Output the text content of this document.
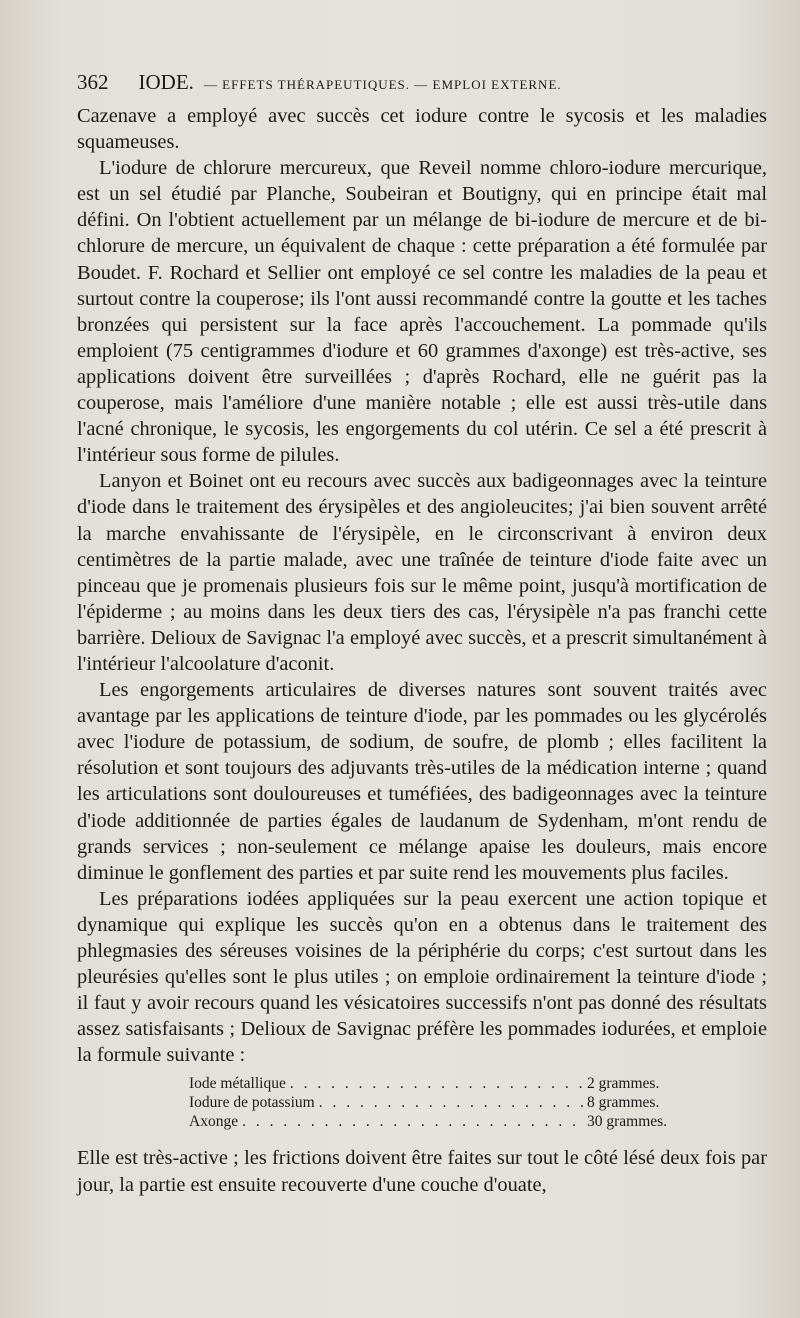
362 IODE. — EFFETS THÉRAPEUTIQUES. — EMPLOI EXTERNE.

Cazenave a employé avec succès cet iodure contre le sycosis et les maladies squameuses.

L'iodure de chlorure mercureux, que Reveil nomme chloro-iodure mercurique, est un sel étudié par Planche, Soubeiran et Boutigny, qui en principe était mal défini. On l'obtient actuellement par un mélange de bi-iodure de mercure et de bi-chlorure de mercure, un équivalent de chaque : cette préparation a été formulée par Boudet. F. Rochard et Sellier ont employé ce sel contre les maladies de la peau et surtout contre la couperose; ils l'ont aussi recommandé contre la goutte et les taches bronzées qui persistent sur la face après l'accouchement. La pommade qu'ils emploient (75 centigrammes d'iodure et 60 grammes d'axonge) est très-active, ses applications doivent être surveillées ; d'après Rochard, elle ne guérit pas la couperose, mais l'améliore d'une manière notable ; elle est aussi très-utile dans l'acné chronique, le sycosis, les engorgements du col utérin. Ce sel a été prescrit à l'intérieur sous forme de pilules.

Lanyon et Boinet ont eu recours avec succès aux badigeonnages avec la teinture d'iode dans le traitement des érysipèles et des angioleucites; j'ai bien souvent arrêté la marche envahissante de l'érysipèle, en le circonscrivant à environ deux centimètres de la partie malade, avec une traînée de teinture d'iode faite avec un pinceau que je promenais plusieurs fois sur le même point, jusqu'à mortification de l'épiderme ; au moins dans les deux tiers des cas, l'érysipèle n'a pas franchi cette barrière. Delioux de Savignac l'a employé avec succès, et a prescrit simultanément à l'intérieur l'alcoolature d'aconit.

Les engorgements articulaires de diverses natures sont souvent traités avec avantage par les applications de teinture d'iode, par les pommades ou les glycérolés avec l'iodure de potassium, de sodium, de soufre, de plomb ; elles facilitent la résolution et sont toujours des adjuvants très-utiles de la médication interne ; quand les articulations sont douloureuses et tuméfiées, des badigeonnages avec la teinture d'iode additionnée de parties égales de laudanum de Sydenham, m'ont rendu de grands services ; non-seulement ce mélange apaise les douleurs, mais encore diminue le gonflement des parties et par suite rend les mouvements plus faciles.

Les préparations iodées appliquées sur la peau exercent une action topique et dynamique qui explique les succès qu'on en a obtenus dans le traitement des phlegmasies des séreuses voisines de la périphérie du corps; c'est surtout dans les pleurésies qu'elles sont le plus utiles ; on emploie ordinairement la teinture d'iode ; il faut y avoir recours quand les vésicatoires successifs n'ont pas donné des résultats assez satisfaisants ; Delioux de Savignac préfère les pommades iodurées, et emploie la formule suivante :

Iode métallique . . .	2 grammes.
Iodure de potassium . . .	8 grammes.
Axonge . . .	30 grammes.

Elle est très-active ; les frictions doivent être faites sur tout le côté lésé deux fois par jour, la partie est ensuite recouverte d'une couche d'ouate,
